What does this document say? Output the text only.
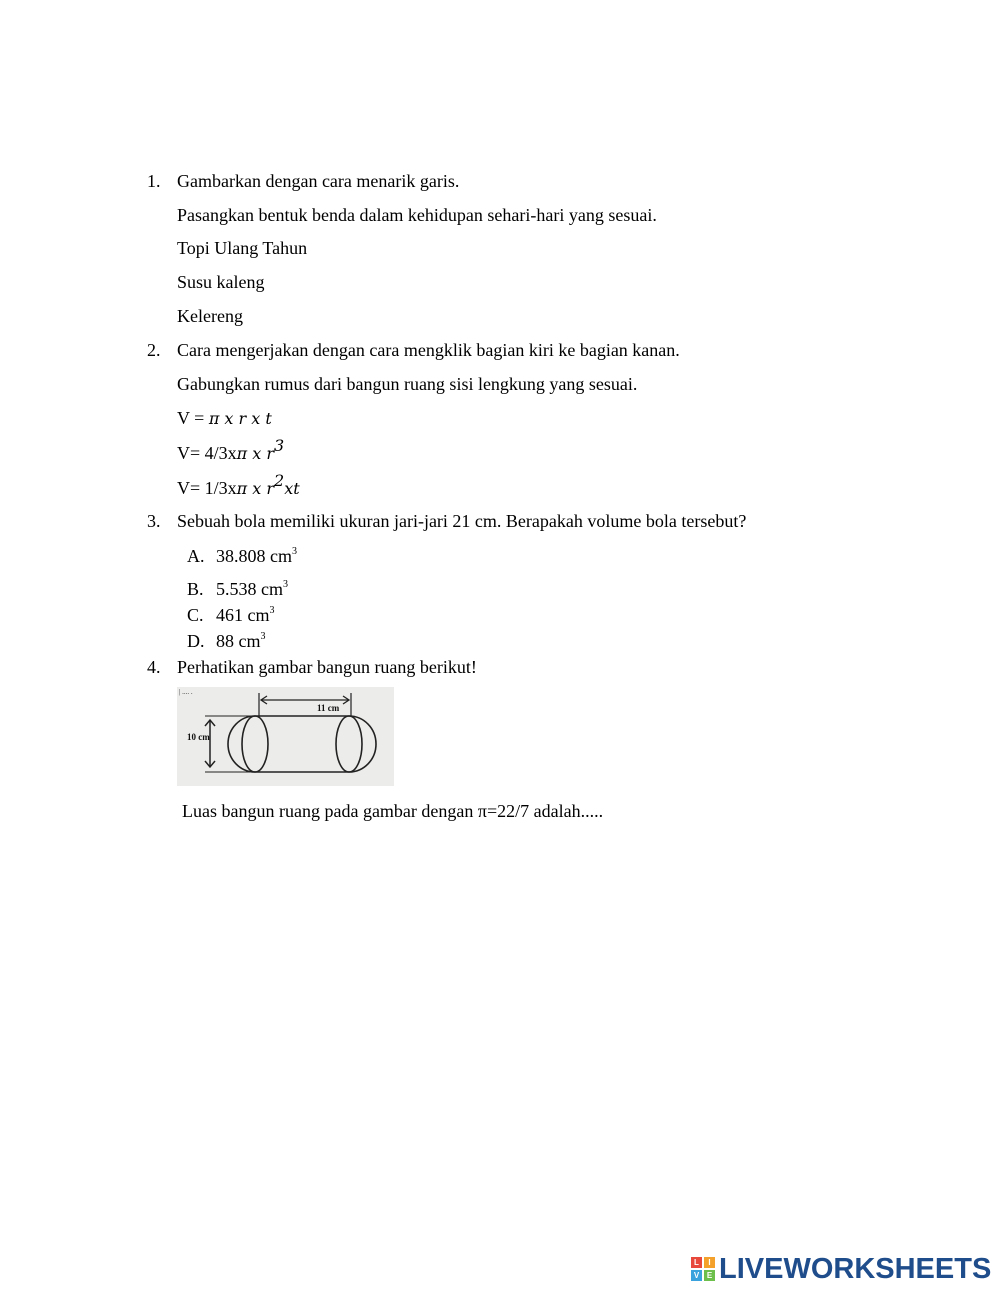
1. Gambarkan dengan cara menarik garis.
Pasangkan bentuk benda dalam kehidupan sehari-hari yang sesuai.
Topi Ulang Tahun
Susu kaleng
Kelereng
2. Cara mengerjakan dengan cara mengklik bagian kiri ke bagian kanan.
Gabungkan rumus dari bangun ruang sisi lengkung yang sesuai.
V = π x r x t
V= 4/3xπ x $r^3$
V= 1/3xπ x $r^2xt$
3. Sebuah bola memiliki ukuran jari-jari 21 cm. Berapakah volume bola tersebut?
A. 38.808 $cm^3$
B. 5.538 $cm^3$
C. 461 $cm^3$
D. 88 $cm^3$
4. Perhatikan gambar bangun ruang berikut!
| .... .
11 cm
10 cm
Luas bangun ruang pada gambar dengan π=22/7 adalah.....
L	I
V E LIVEWORKSHEETS
